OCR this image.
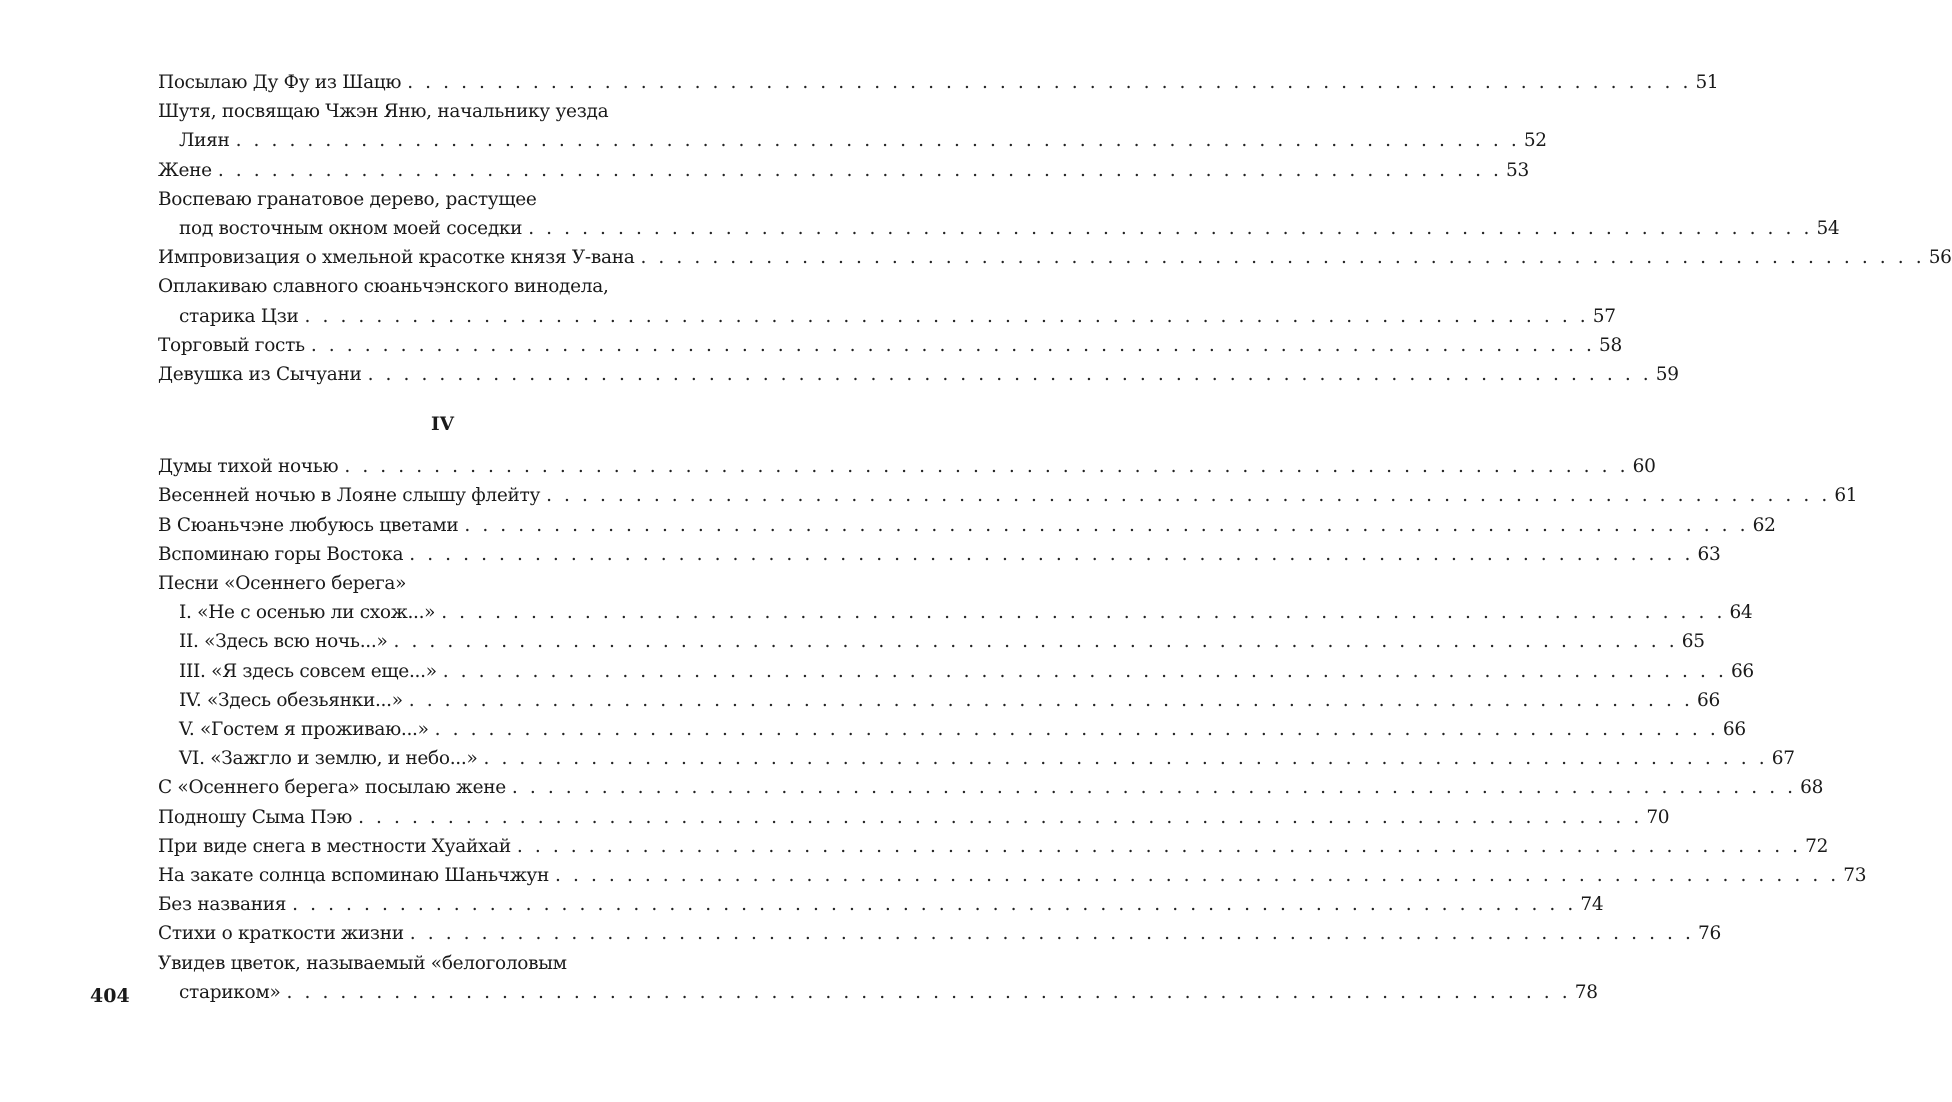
Посылаю Ду Фу из Шацю . . . . . . . . . . . . . . . . . . . . . . . . . . . . . . . . . . . . . . . . . . . . . . . . . . . . . . . . . . . . . . . . . . . . . . . . 51
Шутя, посвящаю Чжэн Яню, начальнику уезда
Лиян . . . . . . . . . . . . . . . . . . . . . . . . . . . . . . . . . . . . . . . . . . . . . . . . . . . . . . . . . . . . . . . . . . . . . . . . 52
Жене . . . . . . . . . . . . . . . . . . . . . . . . . . . . . . . . . . . . . . . . . . . . . . . . . . . . . . . . . . . . . . . . . . . . . . . . 53
Воспеваю гранатовое дерево, растущее
под восточным окном моей соседки . . . . . . . . . . . . . . . . . . . . . . . . . . . . . . . . . . . . . . . . . . . . . . . . . . . . . . . . . . . . . . . . . . . . . . . . 54
Импровизация о хмельной красотке князя У-вана . . . . . . . . . . . . . . . . . . . . . . . . . . . . . . . . . . . . . . . . . . . . . . . . . . . . . . . . . . . . . . . . . . . . . . . . 56
Оплакиваю славного сюаньчэнского винодела,
старика Цзи . . . . . . . . . . . . . . . . . . . . . . . . . . . . . . . . . . . . . . . . . . . . . . . . . . . . . . . . . . . . . . . . . . . . . . . . 57
Торговый гость . . . . . . . . . . . . . . . . . . . . . . . . . . . . . . . . . . . . . . . . . . . . . . . . . . . . . . . . . . . . . . . . . . . . . . . . 58
Девушка из Сычуани . . . . . . . . . . . . . . . . . . . . . . . . . . . . . . . . . . . . . . . . . . . . . . . . . . . . . . . . . . . . . . . . . . . . . . . . 59
IV
Думы тихой ночью . . . . . . . . . . . . . . . . . . . . . . . . . . . . . . . . . . . . . . . . . . . . . . . . . . . . . . . . . . . . . . . . . . . . . . . . 60
Весенней ночью в Лояне слышу флейту . . . . . . . . . . . . . . . . . . . . . . . . . . . . . . . . . . . . . . . . . . . . . . . . . . . . . . . . . . . . . . . . . . . . . . . . 61
В Сюаньчэне любуюсь цветами . . . . . . . . . . . . . . . . . . . . . . . . . . . . . . . . . . . . . . . . . . . . . . . . . . . . . . . . . . . . . . . . . . . . . . . . 62
Вспоминаю горы Востока . . . . . . . . . . . . . . . . . . . . . . . . . . . . . . . . . . . . . . . . . . . . . . . . . . . . . . . . . . . . . . . . . . . . . . . . 63
Песни «Осеннего берега»
I. «Не с осенью ли схож...» . . . . . . . . . . . . . . . . . . . . . . . . . . . . . . . . . . . . . . . . . . . . . . . . . . . . . . . . . . . . . . . . . . . . . . . . 64
II. «Здесь всю ночь...» . . . . . . . . . . . . . . . . . . . . . . . . . . . . . . . . . . . . . . . . . . . . . . . . . . . . . . . . . . . . . . . . . . . . . . . . 65
III. «Я здесь совсем еще...» . . . . . . . . . . . . . . . . . . . . . . . . . . . . . . . . . . . . . . . . . . . . . . . . . . . . . . . . . . . . . . . . . . . . . . . . 66
IV. «Здесь обезьянки...» . . . . . . . . . . . . . . . . . . . . . . . . . . . . . . . . . . . . . . . . . . . . . . . . . . . . . . . . . . . . . . . . . . . . . . . . 66
V. «Гостем я проживаю...» . . . . . . . . . . . . . . . . . . . . . . . . . . . . . . . . . . . . . . . . . . . . . . . . . . . . . . . . . . . . . . . . . . . . . . . . 66
VI. «Зажгло и землю, и небо...» . . . . . . . . . . . . . . . . . . . . . . . . . . . . . . . . . . . . . . . . . . . . . . . . . . . . . . . . . . . . . . . . . . . . . . . . 67
С «Осеннего берега» посылаю жене . . . . . . . . . . . . . . . . . . . . . . . . . . . . . . . . . . . . . . . . . . . . . . . . . . . . . . . . . . . . . . . . . . . . . . . . 68
Подношу Сыма Пэю . . . . . . . . . . . . . . . . . . . . . . . . . . . . . . . . . . . . . . . . . . . . . . . . . . . . . . . . . . . . . . . . . . . . . . . . 70
При виде снега в местности Хуайхай . . . . . . . . . . . . . . . . . . . . . . . . . . . . . . . . . . . . . . . . . . . . . . . . . . . . . . . . . . . . . . . . . . . . . . . . 72
На закате солнца вспоминаю Шаньчжун . . . . . . . . . . . . . . . . . . . . . . . . . . . . . . . . . . . . . . . . . . . . . . . . . . . . . . . . . . . . . . . . . . . . . . . . 73
Без названия . . . . . . . . . . . . . . . . . . . . . . . . . . . . . . . . . . . . . . . . . . . . . . . . . . . . . . . . . . . . . . . . . . . . . . . . 74
Стихи о краткости жизни . . . . . . . . . . . . . . . . . . . . . . . . . . . . . . . . . . . . . . . . . . . . . . . . . . . . . . . . . . . . . . . . . . . . . . . . 76
Увидев цветок, называемый «белоголовым
стариком» . . . . . . . . . . . . . . . . . . . . . . . . . . . . . . . . . . . . . . . . . . . . . . . . . . . . . . . . . . . . . . . . . . . . . . . . 78
404
